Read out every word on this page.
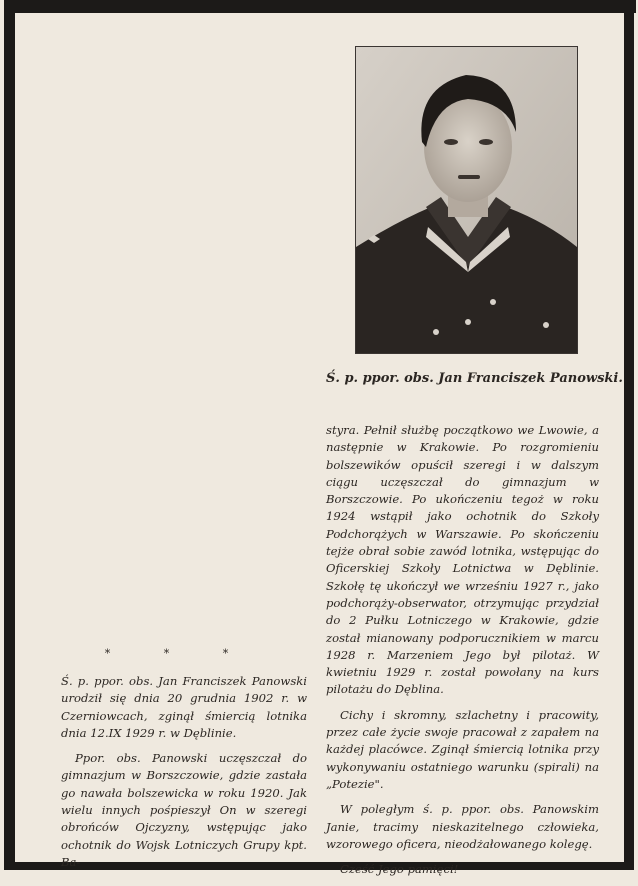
Ś. p. ppor. obs. Jan Franciszek Panowski.
* * *

Ś. p. ppor. obs. Jan Franciszek Panowski urodził się dnia 20 grudnia 1902 r. w Czerniowcach, zginął śmiercią lotnika dnia 12.IX 1929 r. w Dęblinie.

Ppor. obs. Panowski uczęszczał do gimnazjum w Borszczowie, gdzie zastała go nawała bolszewicka w roku 1920. Jak wielu innych pośpieszył On w szeregi obrońców Ojczyzny, wstępując jako ochotnik do Wojsk Lotniczych Grupy kpt. Ba-

styra. Pełnił służbę początkowo we Lwowie, a następnie w Krakowie. Po rozgromieniu bolszewików opuścił szeregi i w dalszym ciągu uczęszczał do gimnazjum w Borszczowie. Po ukończeniu tegoż w roku 1924 wstąpił jako ochotnik do Szkoły Podchorążych w Warszawie. Po skończeniu tejże obrał sobie zawód lotnika, wstępując do Oficerskiej Szkoły Lotnictwa w Dęblinie. Szkołę tę ukończył we wrześniu 1927 r., jako podchorąży-obserwator, otrzymując przydział do 2 Pułku Lotniczego w Krakowie, gdzie został mianowany podporucznikiem w marcu 1928 r. Marzeniem Jego był pilotaż. W kwietniu 1929 r. został powołany na kurs pilotażu do Dęblina.

Cichy i skromny, szlachetny i pracowity, przez całe życie swoje pracował z zapałem na każdej placówce. Zginął śmiercią lotnika przy wykonywaniu ostatniego warunku (spirali) na „Potezie".

W poległym ś. p. ppor. obs. Panowskim Janie, tracimy nieskazitelnego człowieka, wzorowego oficera, nieodżałowanego kolegę.

Cześć Jego pamięci!
